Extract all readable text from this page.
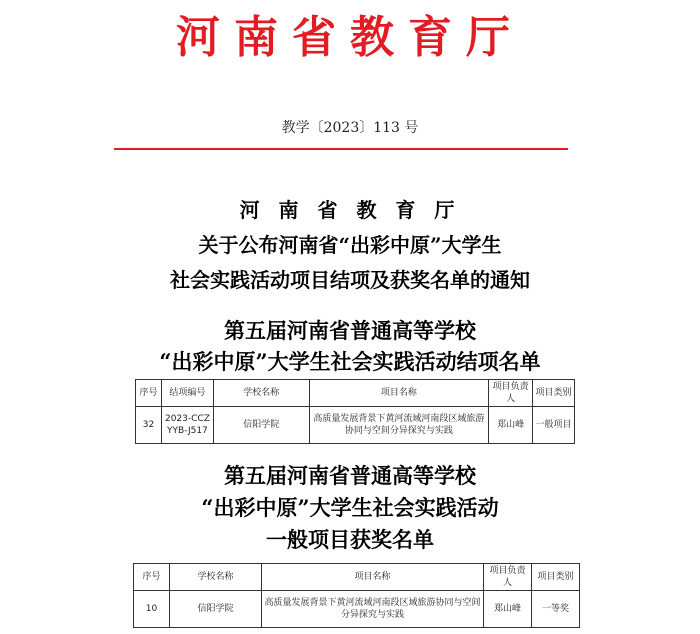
河南省教育厅
教学〔2023〕113 号
河 南 省 教 育 厅
关于公布河南省“出彩中原”大学生
社会实践活动项目结项及获奖名单的通知
第五届河南省普通高等学校
“出彩中原”大学生社会实践活动结项名单
序号	结项编号	学校名称	项目名称	项目负责人	项目类别
32	2023-CCZYYB-J517	信阳学院	高质量发展背景下黄河流域河南段区域旅游协同与空间分异探究与实践	郑山峰	一般项目
第五届河南省普通高等学校
“出彩中原”大学生社会实践活动
一般项目获奖名单
序号	学校名称	项目名称	项目负责人	项目类别
10	信阳学院	高质量发展背景下黄河流域河南段区域旅游协同与空间分异探究与实践	郑山峰	一等奖
